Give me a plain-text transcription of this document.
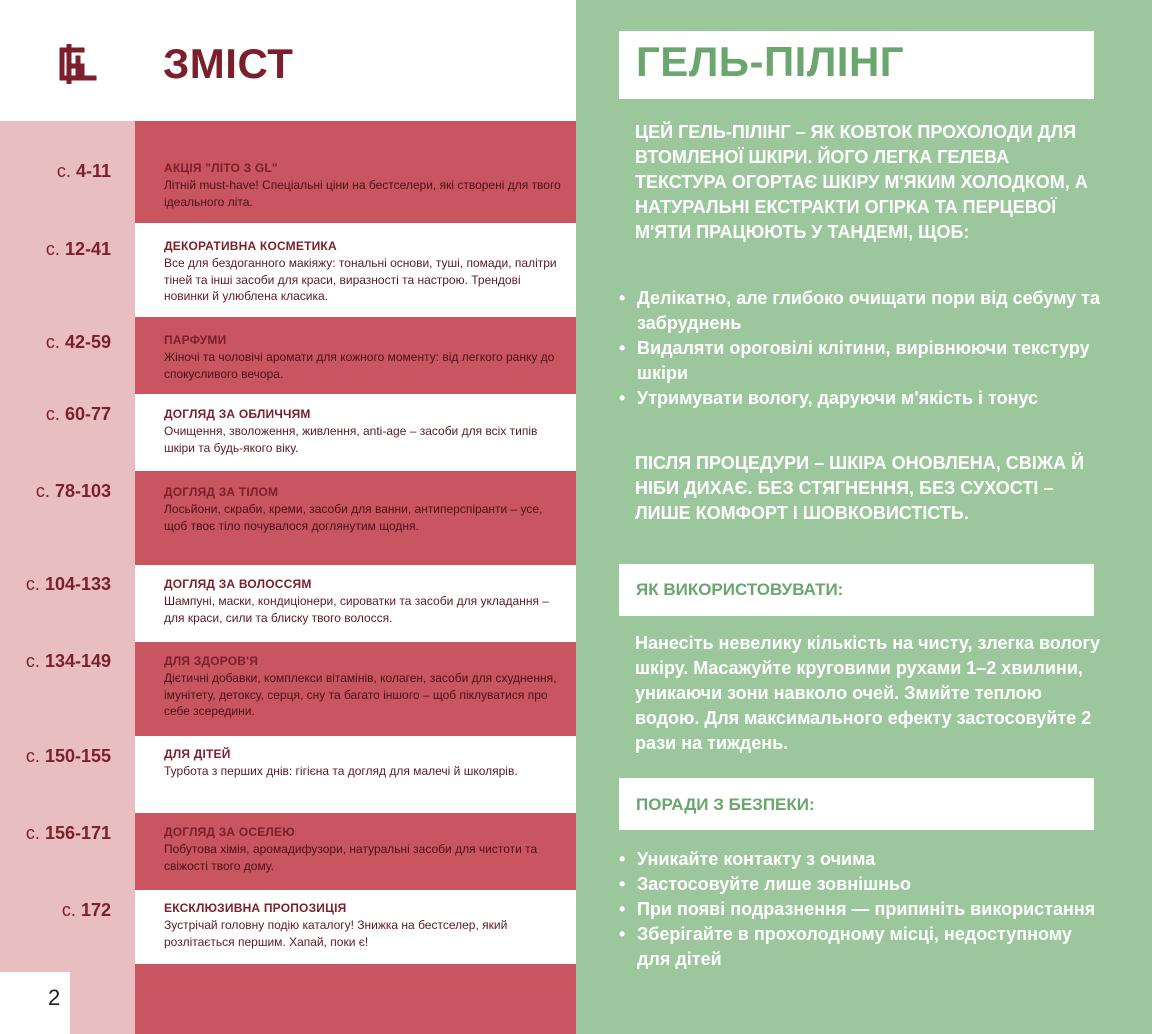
ЗМІСТ
с. 4-11
с. 12-41
с. 42-59
с. 60-77
с. 78-103
с. 104-133
с. 134-149
с. 150-155
с. 156-171
с. 172
АКЦІЯ "ЛІТО З GL"
Літній must-have! Спеціальні ціни на бестселери, які створені для твого ідеального літа.
ДЕКОРАТИВНА КОСМЕТИКА
Все для бездоганного макіяжу: тональні основи, туші, помади, палітри тіней та інші засоби для краси, виразності та настрою. Трендові новинки й улюблена класика.
ПАРФУМИ
Жіночі та чоловічі аромати для кожного моменту: від легкого ранку до спокусливого вечора.
ДОГЛЯД ЗА ОБЛИЧЧЯМ
Очищення, зволоження, живлення, anti-age – засоби для всіх типів шкіри та будь-якого віку.
ДОГЛЯД ЗА ТІЛОМ
Лосьйони, скраби, креми, засоби для ванни, антиперспіранти – усе, щоб твоє тіло почувалося доглянутим щодня.
ДОГЛЯД ЗА ВОЛОССЯМ
Шампуні, маски, кондиціонери, сироватки та засоби для укладання – для краси, сили та блиску твого волосся.
ДЛЯ ЗДОРОВ'Я
Дієтичні добавки, комплекси вітамінів, колаген, засоби для схуднення, імунітету, детоксу, серця, сну та багато іншого – щоб піклуватися про себе зсередини.
ДЛЯ ДІТЕЙ
Турбота з перших днів: гігієна та догляд для малечі й школярів.
ДОГЛЯД ЗА ОСЕЛЕЮ
Побутова хімія, аромадифузори, натуральні засоби для чистоти та свіжості твого дому.
ЕКСКЛЮЗИВНА ПРОПОЗИЦІЯ
Зустрічай головну подію каталогу! Знижка на бестселер, який розлітається першим. Хапай, поки є!
2
ГЕЛЬ-ПІЛІНГ
ЦЕЙ ГЕЛЬ-ПІЛІНГ – ЯК КОВТОК ПРОХОЛОДИ ДЛЯ ВТОМЛЕНОЇ ШКІРИ. ЙОГО ЛЕГКА ГЕЛЕВА ТЕКСТУРА ОГОРТАЄ ШКІРУ М'ЯКИМ ХОЛОДКОМ, А НАТУРАЛЬНІ ЕКСТРАКТИ ОГІРКА ТА ПЕРЦЕВОЇ М'ЯТИ ПРАЦЮЮТЬ У ТАНДЕМІ, ЩОБ:
• Делікатно, але глибоко очищати пори від себуму та забруднень
• Видаляти ороговілі клітини, вирівнюючи текстуру шкіри
• Утримувати вологу, даруючи м'якість і тонус
ПІСЛЯ ПРОЦЕДУРИ – ШКІРА ОНОВЛЕНА, СВІЖА Й НІБИ ДИХАЄ. БЕЗ СТЯГНЕННЯ, БЕЗ СУХОСТІ – ЛИШЕ КОМФОРТ І ШОВКОВИСТІСТЬ.
ЯК ВИКОРИСТОВУВАТИ:
Нанесіть невелику кількість на чисту, злегка вологу шкіру. Масажуйте круговими рухами 1–2 хвилини, уникаючи зони навколо очей. Змийте теплою водою. Для максимального ефекту застосовуйте 2 рази на тиждень.
ПОРАДИ З БЕЗПЕКИ:
• Уникайте контакту з очима
• Застосовуйте лише зовнішньо
• При появі подразнення — припиніть використання
• Зберігайте в прохолодному місці, недоступному для дітей
